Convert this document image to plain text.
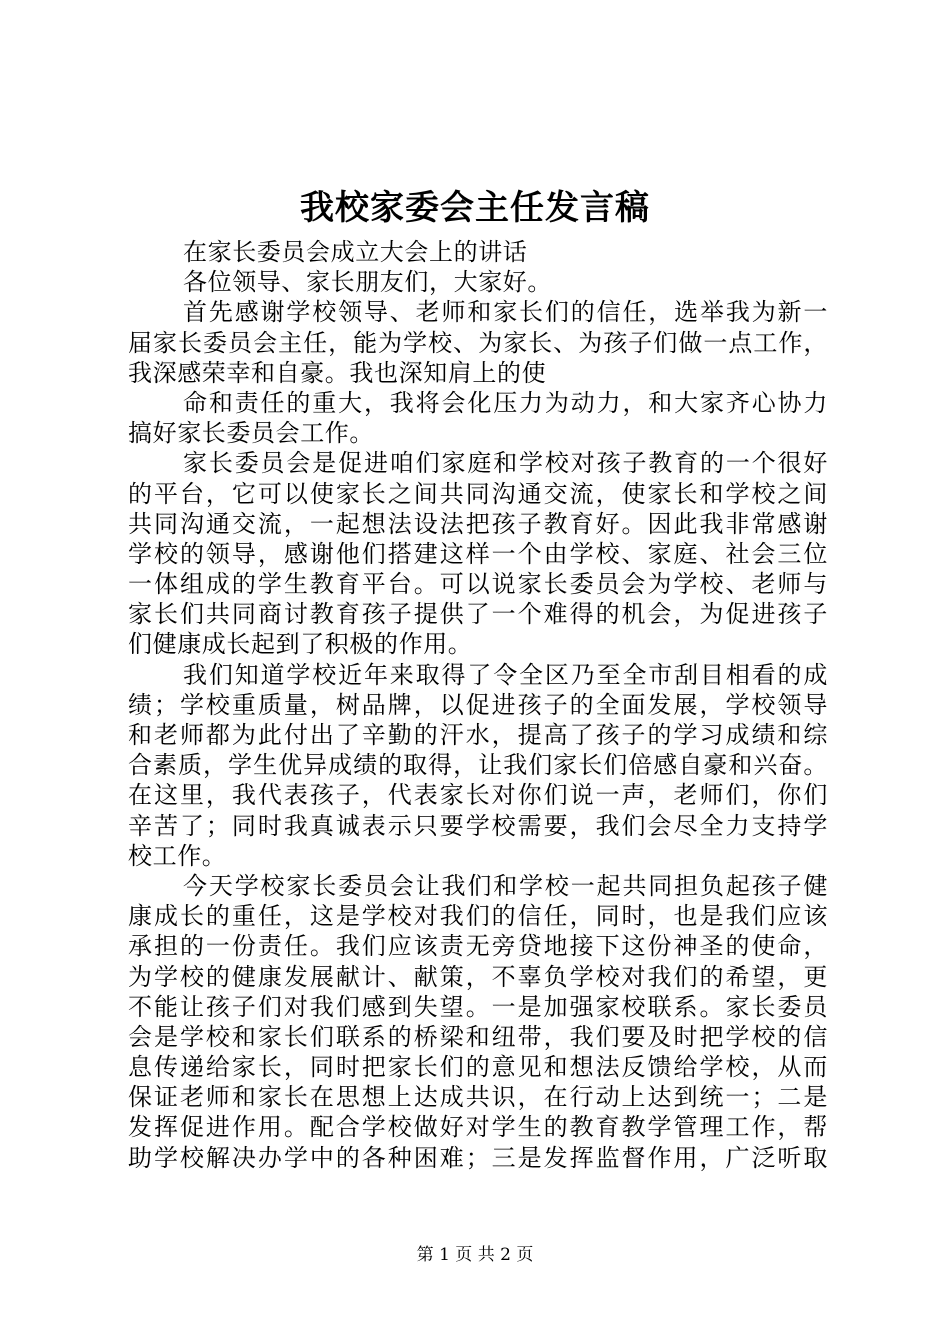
我校家委会主任发言稿
在家长委员会成立大会上的讲话
各位领导、家长朋友们，大家好。
首先感谢学校领导、老师和家长们的信任，选举我为新一
届家长委员会主任，能为学校、为家长、为孩子们做一点工作，
我深感荣幸和自豪。我也深知肩上的使
命和责任的重大，我将会化压力为动力，和大家齐心协力
搞好家长委员会工作。
家长委员会是促进咱们家庭和学校对孩子教育的一个很好
的平台，它可以使家长之间共同沟通交流，使家长和学校之间
共同沟通交流，一起想法设法把孩子教育好。因此我非常感谢
学校的领导，感谢他们搭建这样一个由学校、家庭、社会三位
一体组成的学生教育平台。可以说家长委员会为学校、老师与
家长们共同商讨教育孩子提供了一个难得的机会，为促进孩子
们健康成长起到了积极的作用。
我们知道学校近年来取得了令全区乃至全市刮目相看的成
绩；学校重质量，树品牌，以促进孩子的全面发展，学校领导
和老师都为此付出了辛勤的汗水，提高了孩子的学习成绩和综
合素质，学生优异成绩的取得，让我们家长们倍感自豪和兴奋。
在这里，我代表孩子，代表家长对你们说一声，老师们，你们
辛苦了；同时我真诚表示只要学校需要，我们会尽全力支持学
校工作。
今天学校家长委员会让我们和学校一起共同担负起孩子健
康成长的重任，这是学校对我们的信任，同时，也是我们应该
承担的一份责任。我们应该责无旁贷地接下这份神圣的使命，
为学校的健康发展献计、献策，不辜负学校对我们的希望，更
不能让孩子们对我们感到失望。一是加强家校联系。家长委员
会是学校和家长们联系的桥梁和纽带，我们要及时把学校的信
息传递给家长，同时把家长们的意见和想法反馈给学校，从而
保证老师和家长在思想上达成共识，在行动上达到统一；二是
发挥促进作用。配合学校做好对学生的教育教学管理工作，帮
助学校解决办学中的各种困难；三是发挥监督作用，广泛听取
第 1 页 共 2 页
